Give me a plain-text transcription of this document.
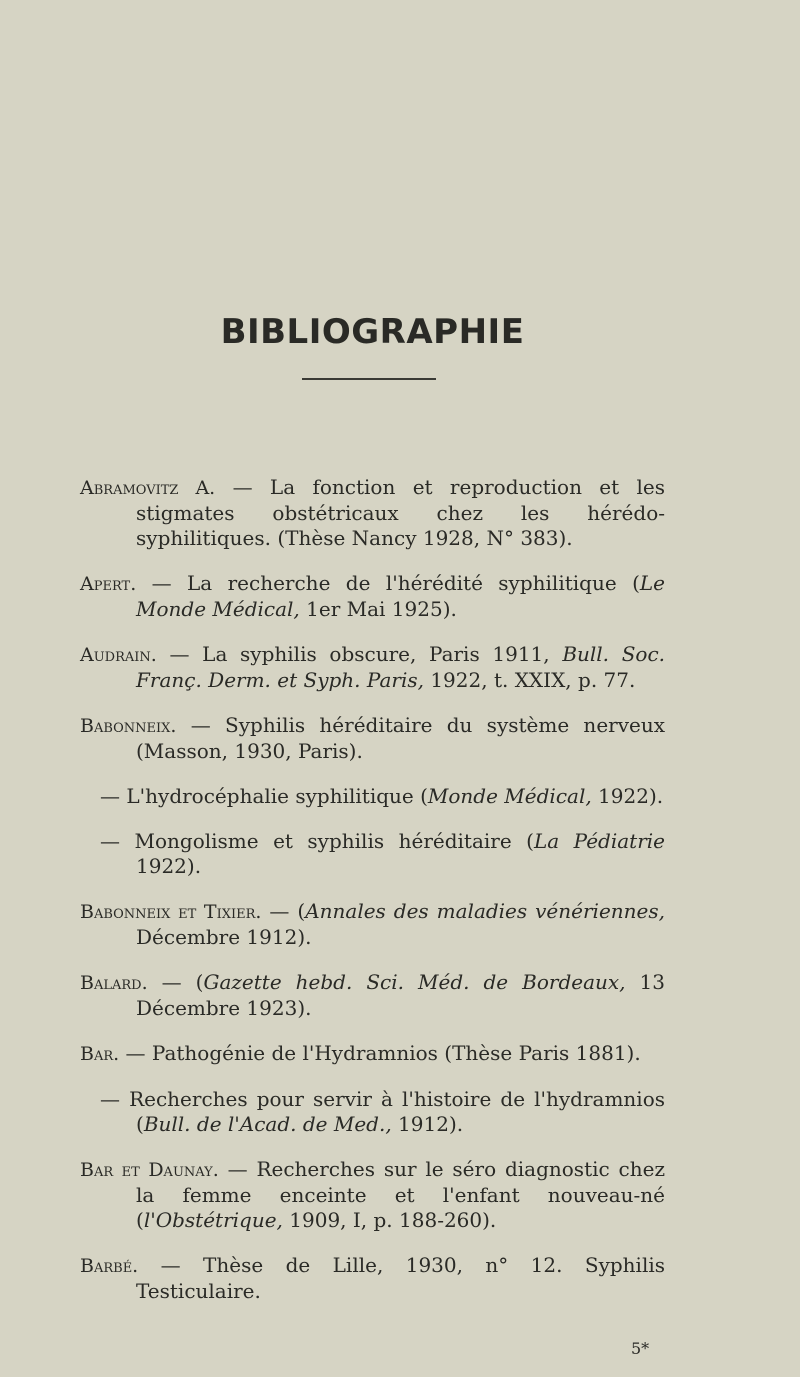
BIBLIOGRAPHIE

Abramovitz A. — La fonction et reproduction et les stigmates obstétricaux chez les hérédo-syphilitiques. (Thèse Nancy 1928, N° 383).

Apert. — La recherche de l'hérédité syphilitique (Le Monde Médical, 1er Mai 1925).

Audrain. — La syphilis obscure, Paris 1911, Bull. Soc. Franç. Derm. et Syph. Paris, 1922, t. XXIX, p. 77.

Babonneix. — Syphilis héréditaire du système nerveux (Masson, 1930, Paris).

— L'hydrocéphalie syphilitique (Monde Médical, 1922).

— Mongolisme et syphilis héréditaire (La Pédiatrie 1922).

Babonneix et Tixier. — (Annales des maladies vénériennes, Décembre 1912).

Balard. — (Gazette hebd. Sci. Méd. de Bordeaux, 13 Décembre 1923).

Bar. — Pathogénie de l'Hydramnios (Thèse Paris 1881).

— Recherches pour servir à l'histoire de l'hydramnios (Bull. de l'Acad. de Med., 1912).

Bar et Daunay. — Recherches sur le séro diagnostic chez la femme enceinte et l'enfant nouveau-né (l'Obstétrique, 1909, I, p. 188-260).

Barbé. — Thèse de Lille, 1930, n° 12. Syphilis Testiculaire.

5*
